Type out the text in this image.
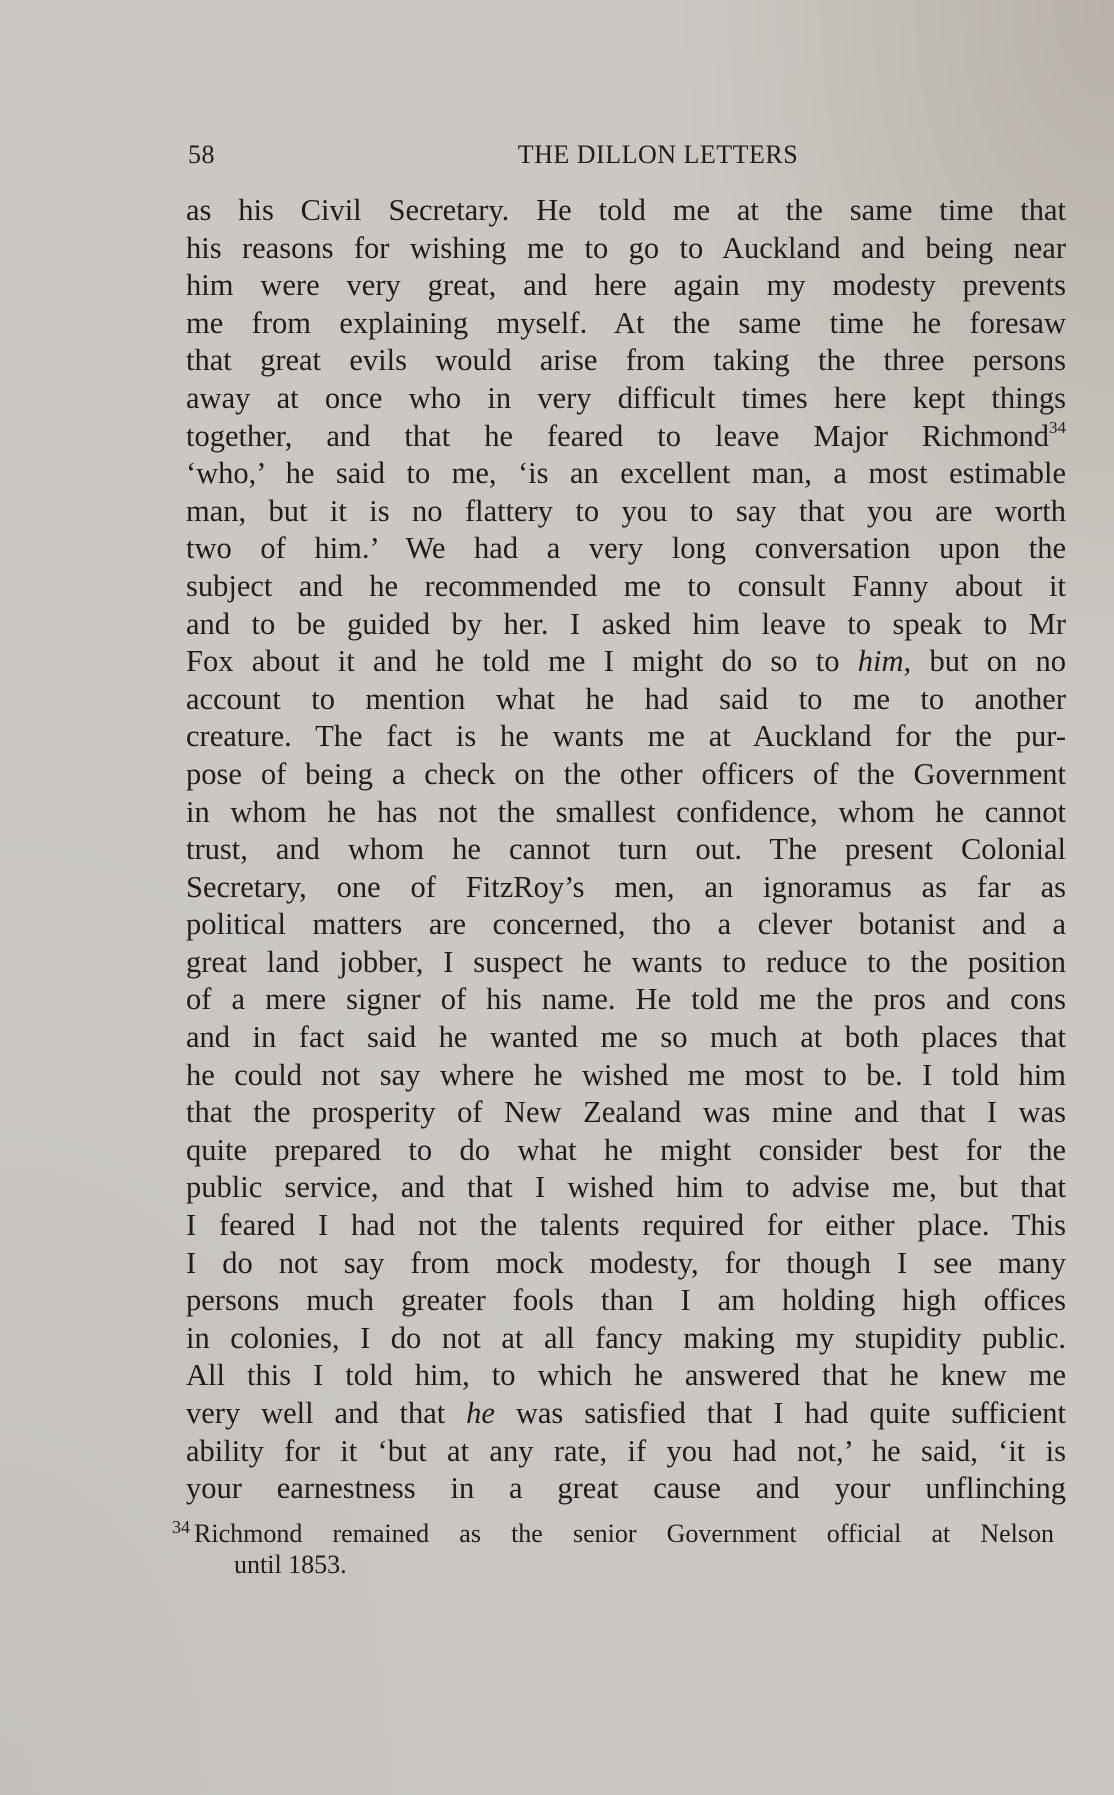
58	THE DILLON LETTERS
as his Civil Secretary. He told me at the same time that
his reasons for wishing me to go to Auckland and being near
him were very great, and here again my modesty prevents
me from explaining myself. At the same time he foresaw
that great evils would arise from taking the three persons
away at once who in very difficult times here kept things
together, and that he feared to leave Major Richmond$^{34}$
‘who,’ he said to me, ‘is an excellent man, a most estimable
man, but it is no flattery to you to say that you are worth
two of him.’ We had a very long conversation upon the
subject and he recommended me to consult Fanny about it
and to be guided by her. I asked him leave to speak to Mr
Fox about it and he told me I might do so to him, but on no
account to mention what he had said to me to another
creature. The fact is he wants me at Auckland for the pur-
pose of being a check on the other officers of the Government
in whom he has not the smallest confidence, whom he cannot
trust, and whom he cannot turn out. The present Colonial
Secretary, one of FitzRoy’s men, an ignoramus as far as
political matters are concerned, tho a clever botanist and a
great land jobber, I suspect he wants to reduce to the position
of a mere signer of his name. He told me the pros and cons
and in fact said he wanted me so much at both places that
he could not say where he wished me most to be. I told him
that the prosperity of New Zealand was mine and that I was
quite prepared to do what he might consider best for the
public service, and that I wished him to advise me, but that
I feared I had not the talents required for either place. This
I do not say from mock modesty, for though I see many
persons much greater fools than I am holding high offices
in colonies, I do not at all fancy making my stupidity public.
All this I told him, to which he answered that he knew me
very well and that he was satisfied that I had quite sufficient
ability for it ‘but at any rate, if you had not,’ he said, ‘it is
your earnestness in a great cause and your unflinching
$^{34}$ Richmond remained as the senior Government official at Nelson
until 1853.
